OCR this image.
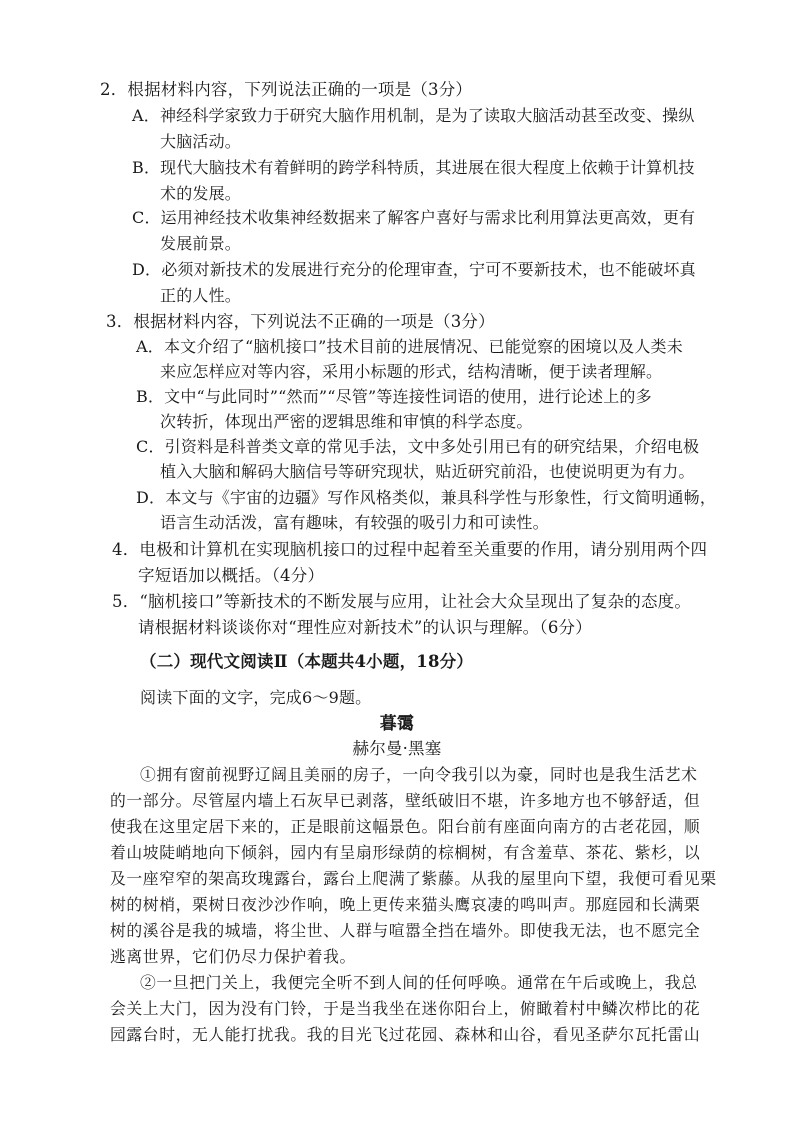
2．根据材料内容，下列说法正确的一项是（3分）
A．神经科学家致力于研究大脑作用机制，是为了读取大脑活动甚至改变、操纵
大脑活动。
B．现代大脑技术有着鲜明的跨学科特质，其进展在很大程度上依赖于计算机技
术的发展。
C．运用神经技术收集神经数据来了解客户喜好与需求比利用算法更高效，更有
发展前景。
D．必须对新技术的发展进行充分的伦理审查，宁可不要新技术，也不能破坏真
正的人性。
3．根据材料内容，下列说法不正确的一项是（3分）
A．本文介绍了“脑机接口”技术目前的进展情况、已能觉察的困境以及人类未
来应怎样应对等内容，采用小标题的形式，结构清晰，便于读者理解。
B．文中“与此同时”“然而”“尽管”等连接性词语的使用，进行论述上的多
次转折，体现出严密的逻辑思维和审慎的科学态度。
C．引资料是科普类文章的常见手法，文中多处引用已有的研究结果，介绍电极
植入大脑和解码大脑信号等研究现状，贴近研究前沿，也使说明更为有力。
D．本文与《宇宙的边疆》写作风格类似，兼具科学性与形象性，行文简明通畅，
语言生动活泼，富有趣味，有较强的吸引力和可读性。
4．电极和计算机在实现脑机接口的过程中起着至关重要的作用，请分别用两个四
字短语加以概括。（4分）
5．“脑机接口”等新技术的不断发展与应用，让社会大众呈现出了复杂的态度。
请根据材料谈谈你对“理性应对新技术”的认识与理解。（6分）
（二）现代文阅读Ⅱ（本题共4小题，18分）
阅读下面的文字，完成6～9题。
暮霭
赫尔曼·黑塞
①拥有窗前视野辽阔且美丽的房子，一向令我引以为豪，同时也是我生活艺术
的一部分。尽管屋内墙上石灰早已剥落，壁纸破旧不堪，许多地方也不够舒适，但
使我在这里定居下来的，正是眼前这幅景色。阳台前有座面向南方的古老花园，顺
着山坡陡峭地向下倾斜，园内有呈扇形绿荫的棕榈树，有含羞草、茶花、紫杉，以
及一座窄窄的架高玫瑰露台，露台上爬满了紫藤。从我的屋里向下望，我便可看见栗
树的树梢，栗树日夜沙沙作响，晚上更传来猫头鹰哀凄的鸣叫声。那庭园和长满栗
树的溪谷是我的城墙，将尘世、人群与喧嚣全挡在墙外。即使我无法，也不愿完全
逃离世界，它们仍尽力保护着我。
②一旦把门关上，我便完全听不到人间的任何呼唤。通常在午后或晚上，我总
会关上大门，因为没有门铃，于是当我坐在迷你阳台上，俯瞰着村中鳞次栉比的花
园露台时，无人能打扰我。我的目光飞过花园、森林和山谷，看见圣萨尔瓦托雷山
